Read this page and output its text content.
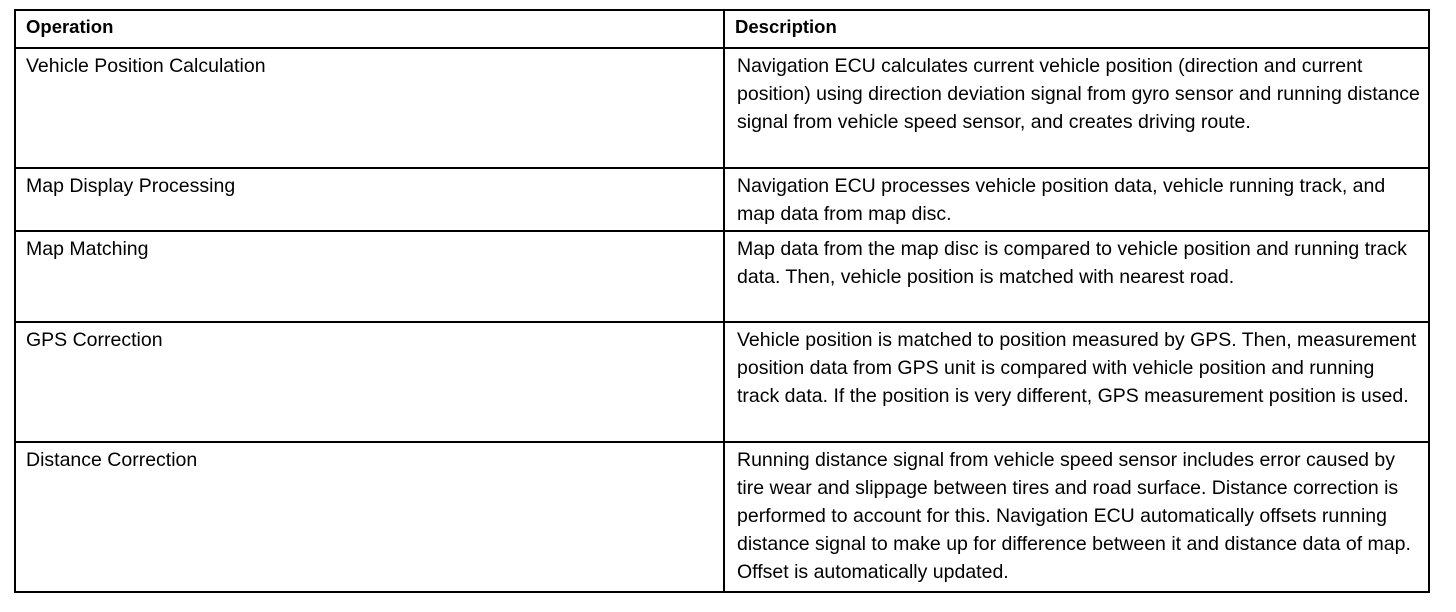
Operation	Description
Vehicle Position Calculation	Navigation ECU calculates current vehicle position (direction and current position) using direction deviation signal from gyro sensor and running distance signal from vehicle speed sensor, and creates driving route.
Map Display Processing	Navigation ECU processes vehicle position data, vehicle running track, and map data from map disc.
Map Matching	Map data from the map disc is compared to vehicle position and running track data. Then, vehicle position is matched with nearest road.
GPS Correction	Vehicle position is matched to position measured by GPS. Then, measurement position data from GPS unit is compared with vehicle position and running track data. If the position is very different, GPS measurement position is used.
Distance Correction	Running distance signal from vehicle speed sensor includes error caused by tire wear and slippage between tires and road surface. Distance correction is performed to account for this. Navigation ECU automatically offsets running distance signal to make up for difference between it and distance data of map. Offset is automatically updated.
